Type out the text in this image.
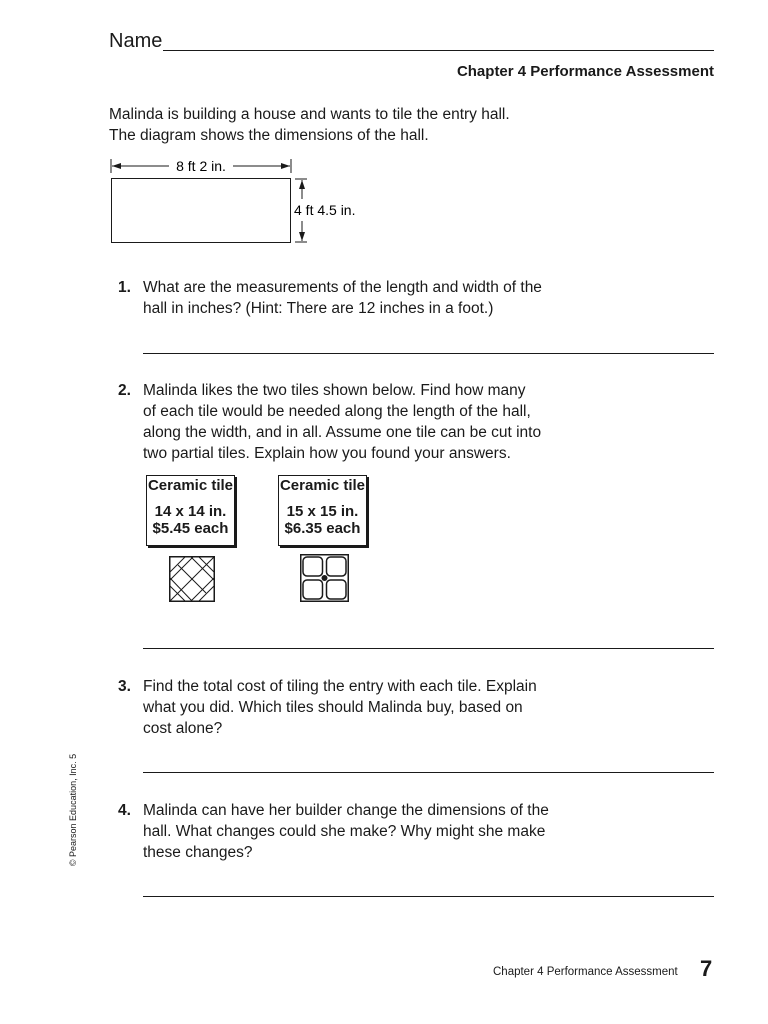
Name
Chapter 4 Performance Assessment
Malinda is building a house and wants to tile the entry hall.
The diagram shows the dimensions of the hall.
8 ft 2 in.
4 ft 4.5 in.
1. What are the measurements of the length and width of the
hall in inches? (Hint: There are 12 inches in a foot.)
2. Malinda likes the two tiles shown below. Find how many
of each tile would be needed along the length of the hall,
along the width, and in all. Assume one tile can be cut into
two partial tiles. Explain how you found your answers.
Ceramic tile
14 x 14 in.
$5.45 each
Ceramic tile
15 x 15 in.
$6.35 each
3. Find the total cost of tiling the entry with each tile. Explain
what you did. Which tiles should Malinda buy, based on
cost alone?
4. Malinda can have her builder change the dimensions of the
hall. What changes could she make? Why might she make
these changes?
© Pearson Education, Inc. 5
Chapter 4 Performance Assessment 7
